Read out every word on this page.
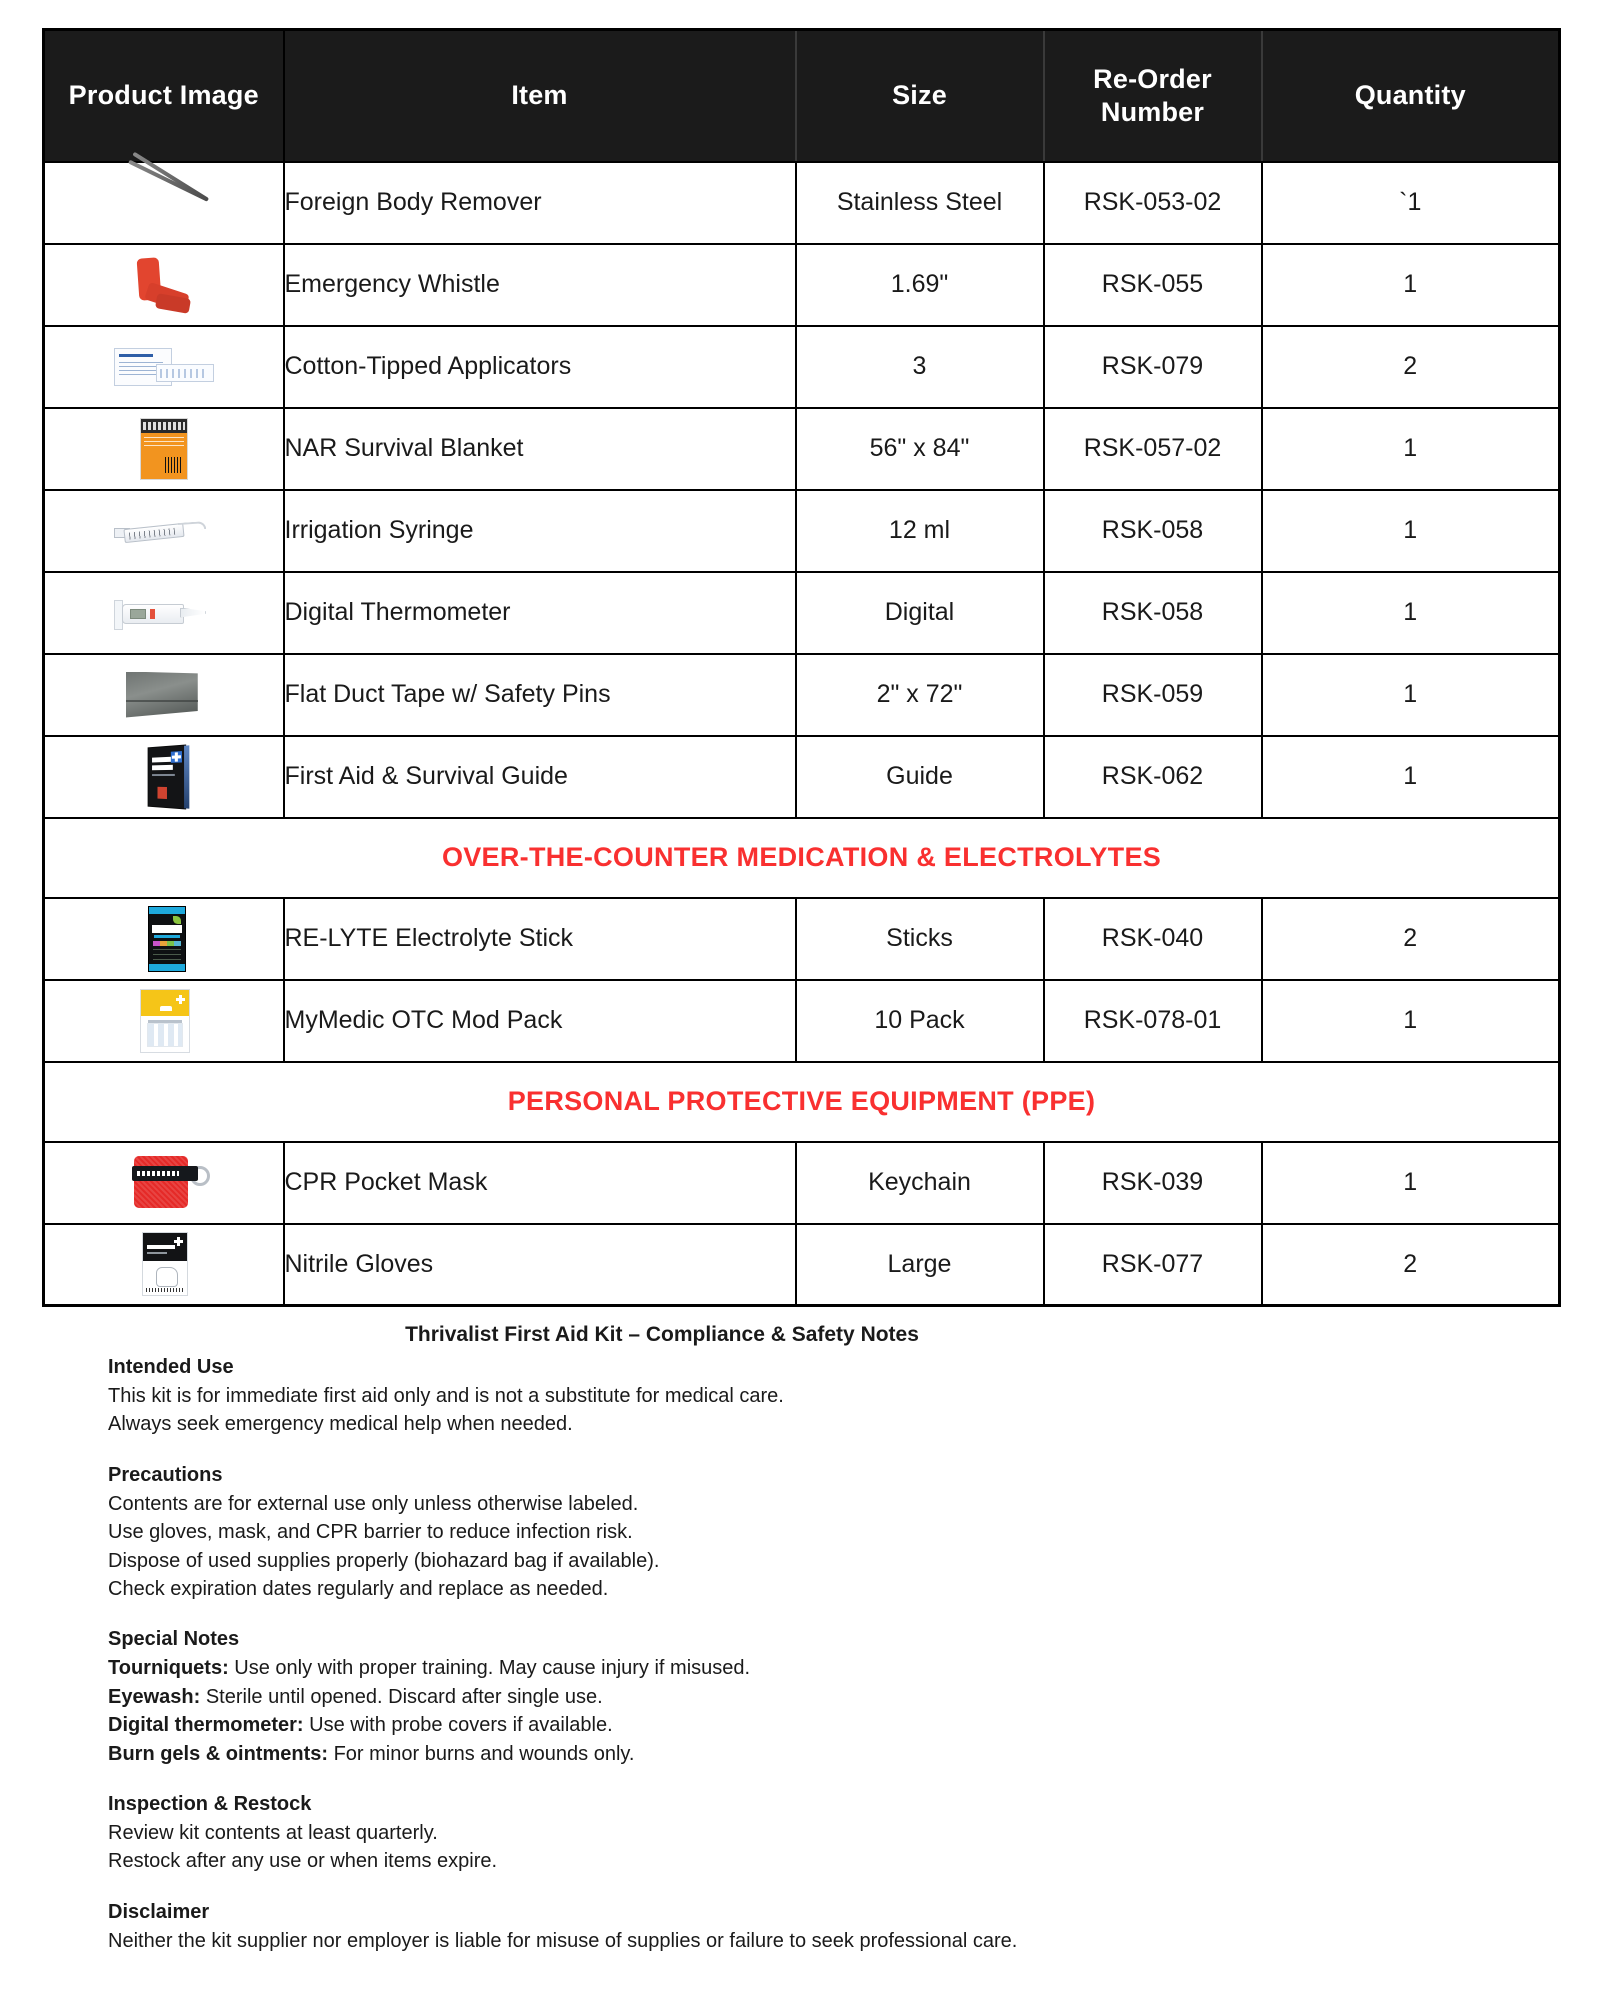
Product Image	Item	Size	Re-Order Number	Quantity

	Foreign Body Remover	Stainless Steel	RSK-053-02	`1

	Emergency Whistle	1.69"	RSK-055	1

	Cotton-Tipped Applicators	3	RSK-079	2

	NAR Survival Blanket	56" x 84"	RSK-057-02	1

	Irrigation Syringe	12 ml	RSK-058	1

	Digital Thermometer	Digital	RSK-058	1

	Flat Duct Tape w/ Safety Pins	2" x 72"	RSK-059	1

	First Aid & Survival Guide	Guide	RSK-062	1
OVER-THE-COUNTER MEDICATION & ELECTROLYTES				

	RE-LYTE Electrolyte Stick	Sticks	RSK-040	2

	MyMedic OTC Mod Pack	10 Pack	RSK-078-01	1
PERSONAL PROTECTIVE EQUIPMENT (PPE)				

	CPR Pocket Mask	Keychain	RSK-039	1

	Nitrile Gloves	Large	RSK-077	2
Thrivalist First Aid Kit – Compliance & Safety Notes
Intended Use
This kit is for immediate first aid only and is not a substitute for medical care.
Always seek emergency medical help when needed.
Precautions
Contents are for external use only unless otherwise labeled.
Use gloves, mask, and CPR barrier to reduce infection risk.
Dispose of used supplies properly (biohazard bag if available).
Check expiration dates regularly and replace as needed.
Special Notes
Tourniquets: Use only with proper training. May cause injury if misused.
Eyewash: Sterile until opened. Discard after single use.
Digital thermometer: Use with probe covers if available.
Burn gels & ointments: For minor burns and wounds only.
Inspection & Restock
Review kit contents at least quarterly.
Restock after any use or when items expire.
Disclaimer
Neither the kit supplier nor employer is liable for misuse of supplies or failure to seek professional care.
